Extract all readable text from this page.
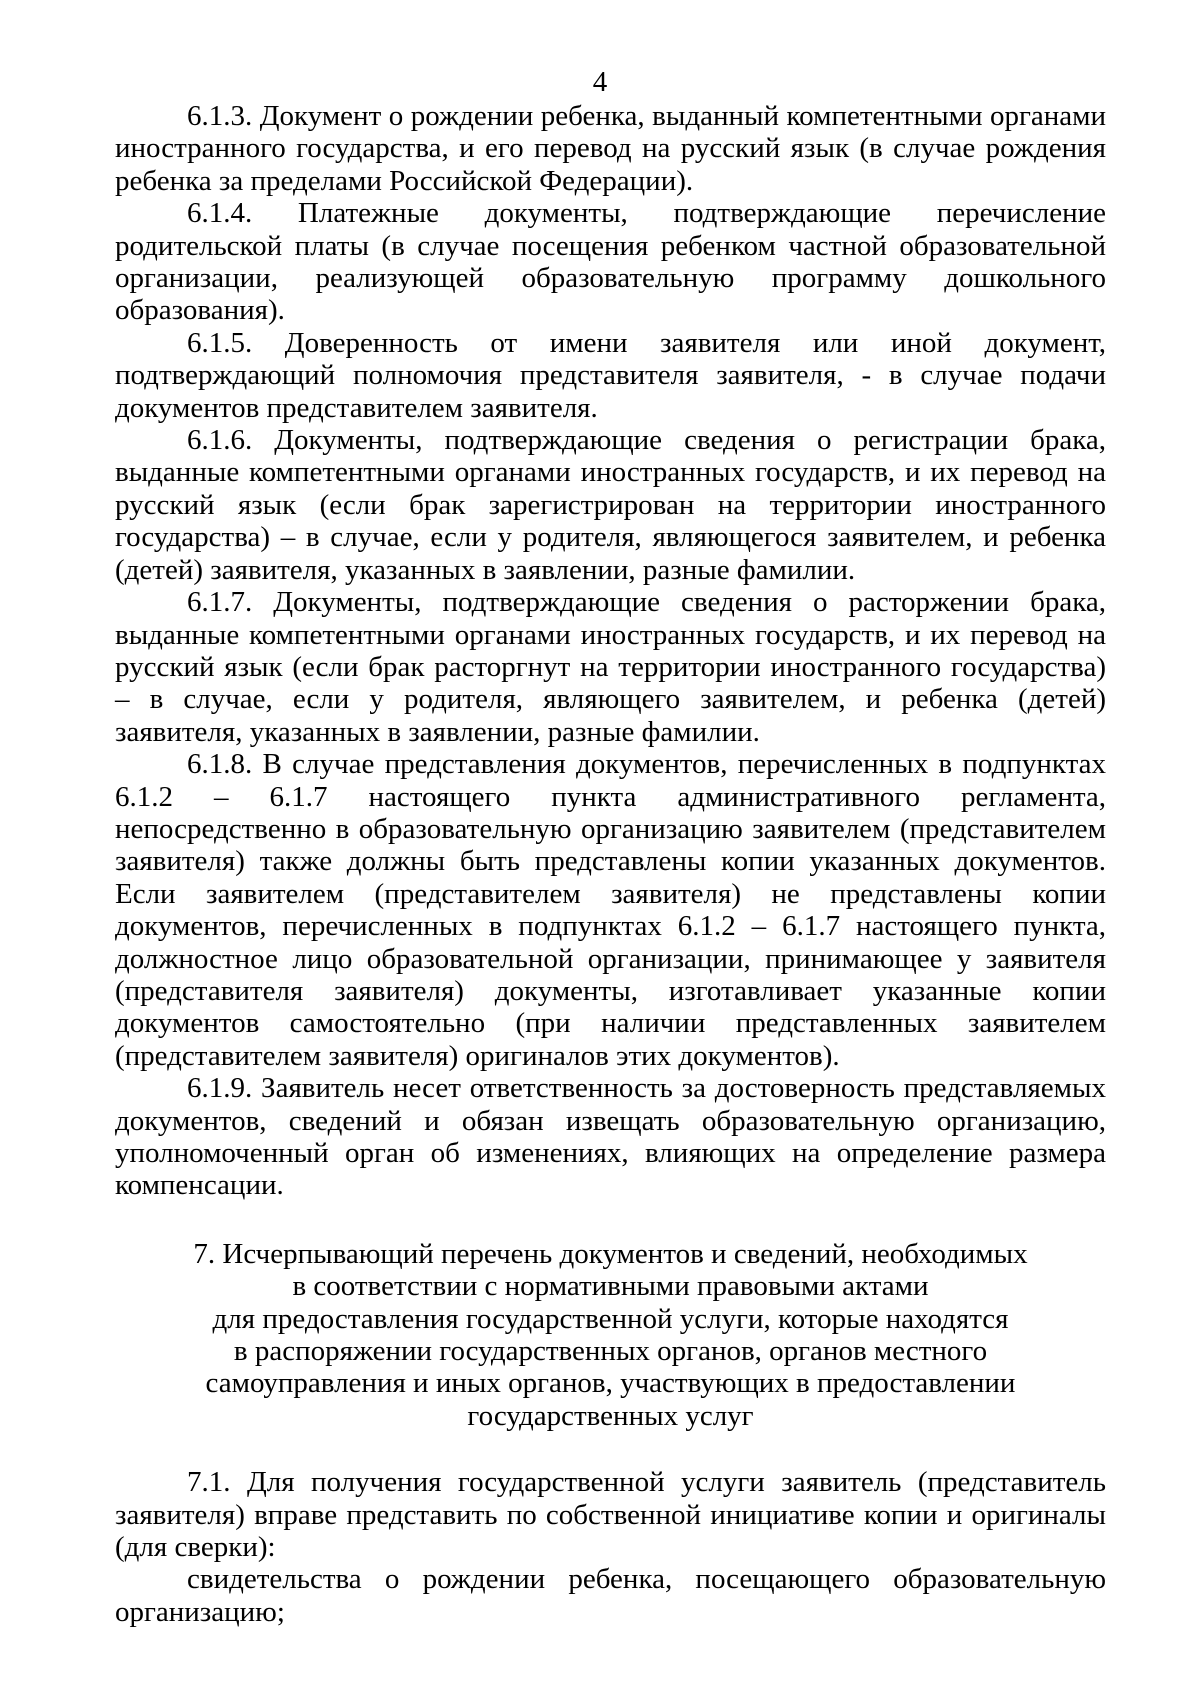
4

6.1.3. Документ о рождении ребенка, выданный компетентными органами иностранного государства, и его перевод на русский язык (в случае рождения ребенка за пределами Российской Федерации).

6.1.4. Платежные документы, подтверждающие перечисление родительской платы (в случае посещения ребенком частной образовательной организации, реализующей образовательную программу дошкольного образования).

6.1.5. Доверенность от имени заявителя или иной документ, подтверждающий полномочия представителя заявителя, - в случае подачи документов представителем заявителя.

6.1.6. Документы, подтверждающие сведения о регистрации брака, выданные компетентными органами иностранных государств, и их перевод на русский язык (если брак зарегистрирован на территории иностранного государства) – в случае, если у родителя, являющегося заявителем, и ребенка (детей) заявителя, указанных в заявлении, разные фамилии.

6.1.7. Документы, подтверждающие сведения о расторжении брака, выданные компетентными органами иностранных государств, и их перевод на русский язык (если брак расторгнут на территории иностранного государства) – в случае, если у родителя, являющего заявителем, и ребенка (детей) заявителя, указанных в заявлении, разные фамилии.

6.1.8. В случае представления документов, перечисленных в подпунктах 6.1.2 – 6.1.7 настоящего пункта административного регламента, непосредственно в образовательную организацию заявителем (представителем заявителя) также должны быть представлены копии указанных документов. Если заявителем (представителем заявителя) не представлены копии документов, перечисленных в подпунктах 6.1.2 – 6.1.7 настоящего пункта, должностное лицо образовательной организации, принимающее у заявителя (представителя заявителя) документы, изготавливает указанные копии документов самостоятельно (при наличии представленных заявителем (представителем заявителя) оригиналов этих документов).

6.1.9. Заявитель несет ответственность за достоверность представляемых документов, сведений и обязан извещать образовательную организацию, уполномоченный орган об изменениях, влияющих на определение размера компенсации.

7. Исчерпывающий перечень документов и сведений, необходимых
в соответствии с нормативными правовыми актами
для предоставления государственной услуги, которые находятся
в распоряжении государственных органов, органов местного
самоуправления и иных органов, участвующих в предоставлении
государственных услуг

7.1. Для получения государственной услуги заявитель (представитель заявителя) вправе представить по собственной инициативе копии и оригиналы (для сверки):

свидетельства о рождении ребенка, посещающего образовательную организацию;
